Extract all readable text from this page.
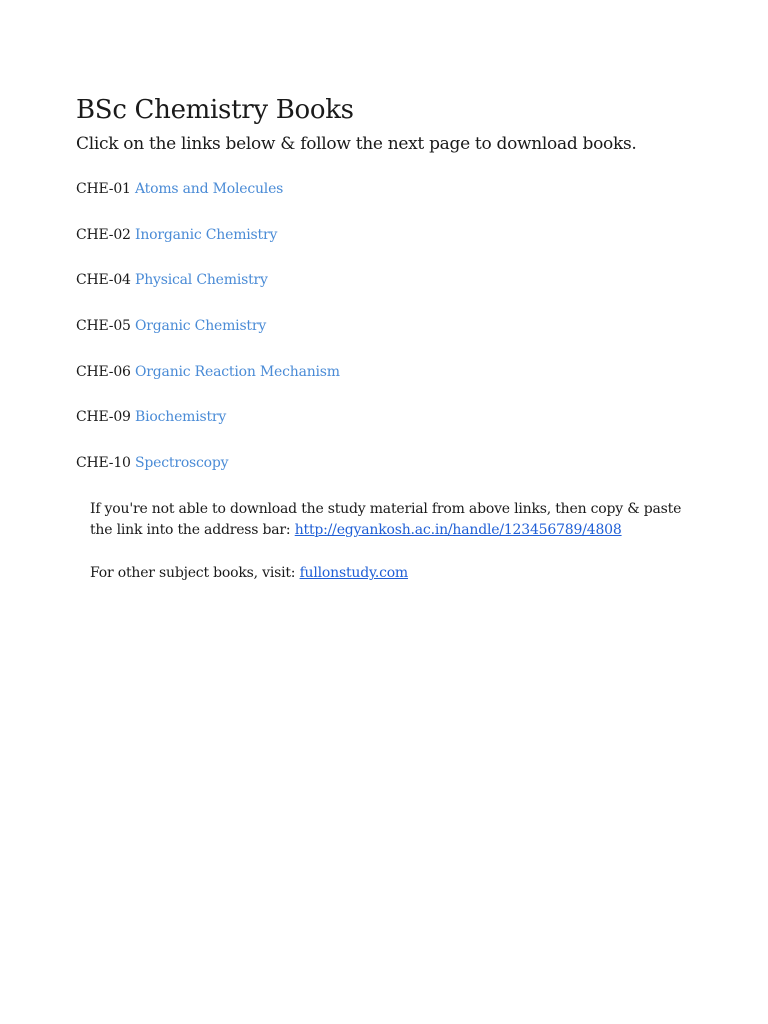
BSc Chemistry Books

Click on the links below & follow the next page to download books.

CHE-01 Atoms and Molecules
CHE-02 Inorganic Chemistry
CHE-04 Physical Chemistry
CHE-05 Organic Chemistry
CHE-06 Organic Reaction Mechanism
CHE-09 Biochemistry
CHE-10 Spectroscopy

If you're not able to download the study material from above links, then copy & paste the link into the address bar: http://egyankosh.ac.in/handle/123456789/4808

For other subject books, visit: fullonstudy.com
